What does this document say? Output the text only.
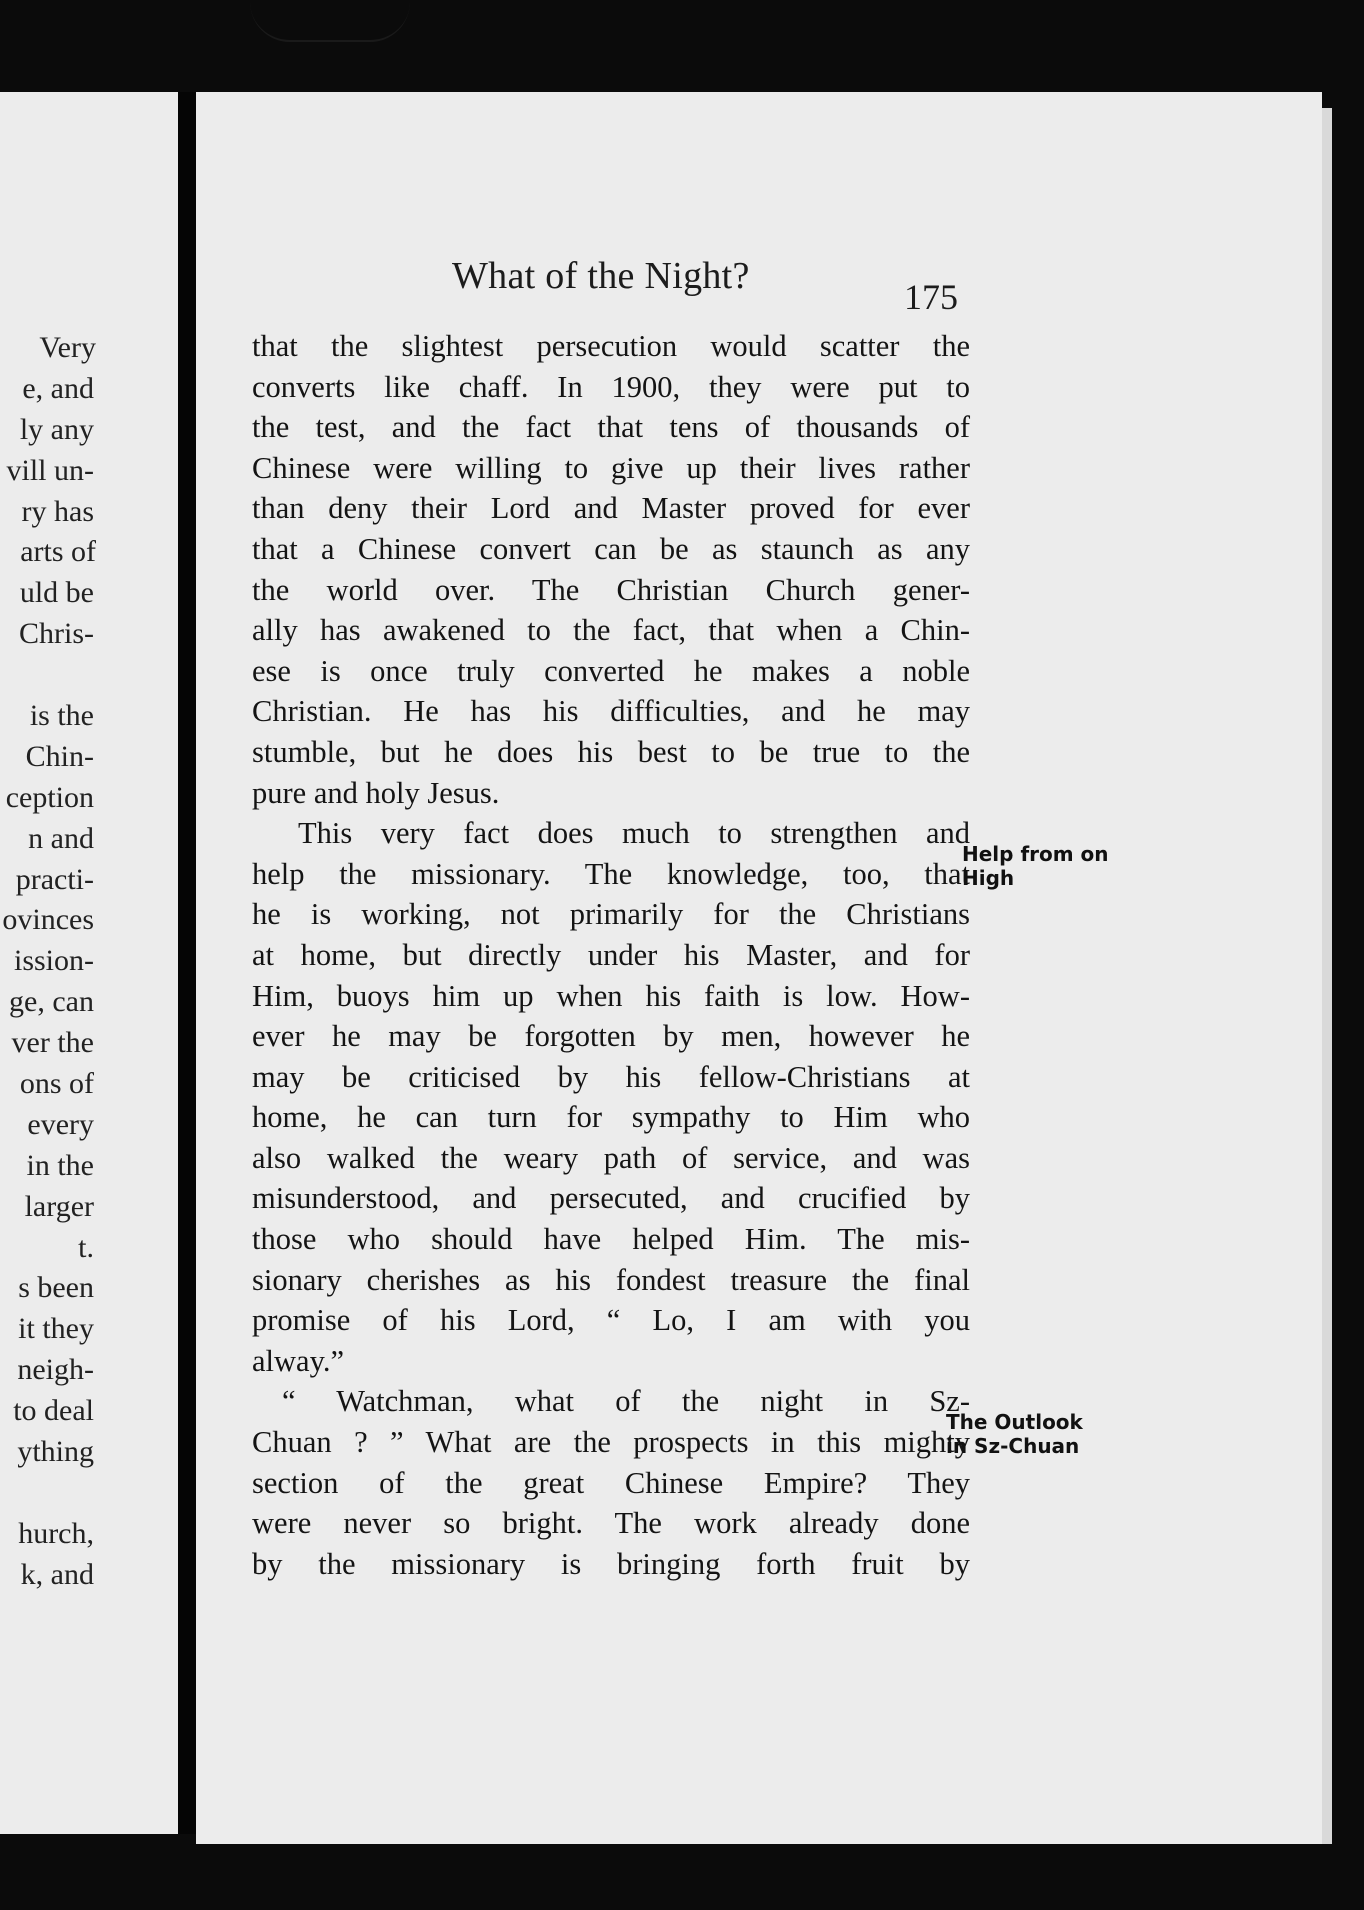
Very
e, and
ly any
vill un-
ry has
arts of
uld be
Chris-
is the
Chin-
ception
n and
practi-
ovinces
ission-
ge, can
ver the
ons of
every
in the
larger
t.
s been
it they
neigh-
to deal
ything
hurch,
k, and
What of the Night?	175
that the slightest persecution would scatter the
converts like chaff. In 1900, they were put to
the test, and the fact that tens of thousands of
Chinese were willing to give up their lives rather
than deny their Lord and Master proved for ever
that a Chinese convert can be as staunch as any
the world over. The Christian Church gener-
ally has awakened to the fact, that when a Chin-
ese is once truly converted he makes a noble
Christian. He has his difficulties, and he may
stumble, but he does his best to be true to the
pure and holy Jesus.
This very fact does much to strengthen and
help the missionary. The knowledge, too, that
he is working, not primarily for the Christians
at home, but directly under his Master, and for
Him, buoys him up when his faith is low. How-
ever he may be forgotten by men, however he
may be criticised by his fellow-Christians at
home, he can turn for sympathy to Him who
also walked the weary path of service, and was
misunderstood, and persecuted, and crucified by
those who should have helped Him. The mis-
sionary cherishes as his fondest treasure the final
promise of his Lord, “ Lo, I am with you
alway.”
“ Watchman, what of the night in Sz-
Chuan ? ” What are the prospects in this mighty
section of the great Chinese Empire? They
were never so bright. The work already done
by the missionary is bringing forth fruit by
Help from on
High
The Outlook
in Sz-Chuan
